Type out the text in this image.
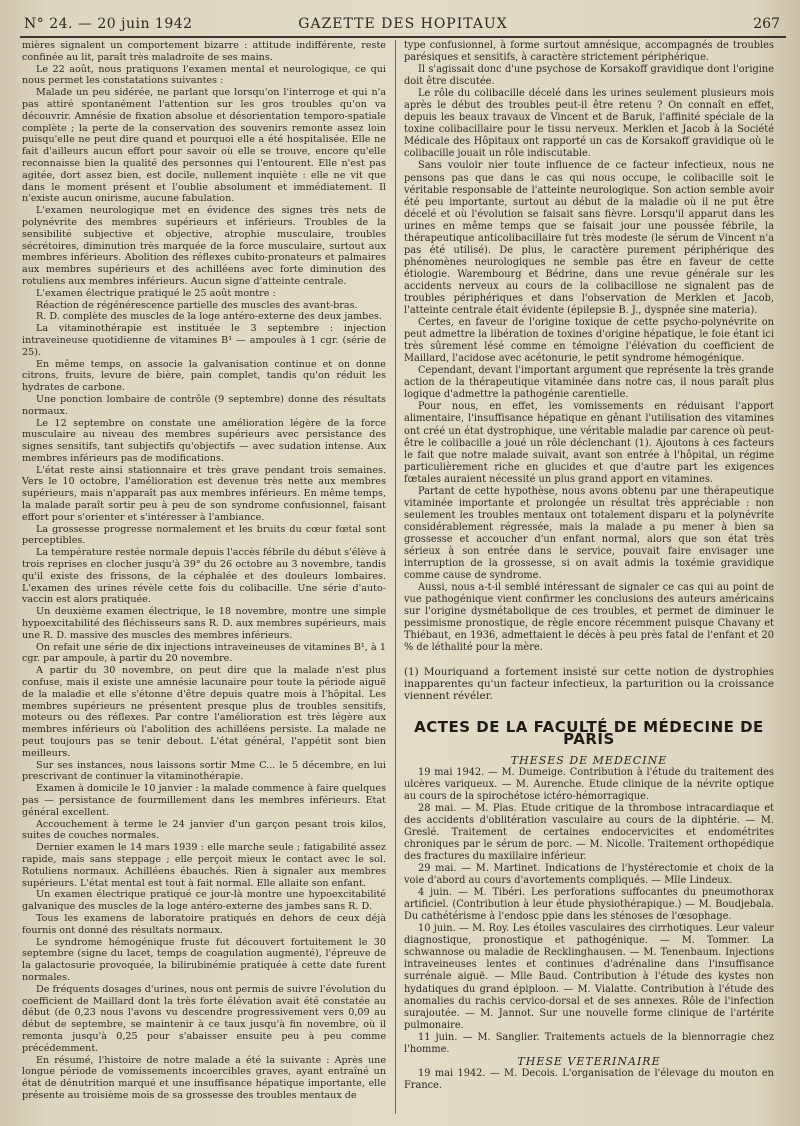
N° 24. — 20 juin 1942	GAZETTE DES HOPITAUX	267

mières signalent un comportement bizarre : attitude indifférente, reste confinée au lit, paraît très maladroite de ses mains.

Le 22 août, nous pratiquons l'examen mental et neurologique, ce qui nous permet les constatations suivantes :

Malade un peu sidérée, ne parlant que lorsqu'on l'interroge et qui n'a pas attiré spontanément l'attention sur les gros troubles qu'on va découvrir. Amnésie de fixation absolue et désorientation temporo-spatiale complète ; la perte de la conservation des souvenirs remonte assez loin puisqu'elle ne peut dire quand et pourquoi elle a été hospitalisée. Elle ne fait d'ailleurs aucun effort pour savoir où elle se trouve, encore qu'elle reconnaisse bien la qualité des personnes qui l'entourent. Elle n'est pas agitée, dort assez bien, est docile, nullement inquiète : elle ne vit que dans le moment présent et l'oublie absolument et immédiatement. Il n'existe aucun onirisme, aucune fabulation.

L'examen neurologique met en évidence des signes très nets de polynévrite des membres supérieurs et inférieurs. Troubles de la sensibilité subjective et objective, atrophie musculaire, troubles sécrétoires, diminution très marquée de la force musculaire, surtout aux membres inférieurs. Abolition des réflexes cubito-pronateurs et palmaires aux membres supérieurs et des achilléens avec forte diminution des rotuliens aux membres inférieurs. Aucun signe d'atteinte centrale.

L'examen électrique pratiqué le 25 août montre :

Réaction de régénérescence partielle des muscles des avant-bras.

R. D. complète des muscles de la loge antéro-externe des deux jambes.

La vitaminothérapie est instituée le 3 septembre : injection intraveineuse quotidienne de vitamines B¹ — ampoules à 1 cgr. (série de 25).

En même temps, on associe la galvanisation continue et on donne citrons, fruits, levure de bière, pain complet, tandis qu'on réduit les hydrates de carbone.

Une ponction lombaire de contrôle (9 septembre) donne des résultats normaux.

Le 12 septembre on constate une amélioration légère de la force musculaire au niveau des membres supérieurs avec persistance des signes sensitifs, tant subjectifs qu'objectifs — avec sudation intense. Aux membres inférieurs pas de modifications.

L'état reste ainsi stationnaire et très grave pendant trois semaines. Vers le 10 octobre, l'amélioration est devenue très nette aux membres supérieurs, mais n'apparaît pas aux membres inférieurs. En même temps, la malade paraît sortir peu à peu de son syndrome confusionnel, faisant effort pour s'orienter et s'intéresser à l'ambiance.

La grossesse progresse normalement et les bruits du cœur fœtal sont perceptibles.

La température restée normale depuis l'accès fébrile du début s'élève à trois reprises en clocher jusqu'à 39° du 26 octobre au 3 novembre, tandis qu'il existe des frissons, de la céphalée et des douleurs lombaires. L'examen des urines révèle cette fois du colibacille. Une série d'auto-vaccin est alors pratiquée.

Un deuxième examen électrique, le 18 novembre, montre une simple hypoexcitabilité des fléchisseurs sans R. D. aux membres supérieurs, mais une R. D. massive des muscles des membres inférieurs.

On refait une série de dix injections intraveineuses de vitamines B¹, à 1 cgr. par ampoule, à partir du 20 novembre.

A partir du 30 novembre, on peut dire que la malade n'est plus confuse, mais il existe une amnésie lacunaire pour toute la période aiguë de la maladie et elle s'étonne d'être depuis quatre mois à l'hôpital. Les membres supérieurs ne présentent presque plus de troubles sensitifs, moteurs ou des réflexes. Par contre l'amélioration est très légère aux membres inférieurs où l'abolition des achilléens persiste. La malade ne peut toujours pas se tenir debout. L'état général, l'appétit sont bien meilleurs.

Sur ses instances, nous laissons sortir Mme C... le 5 décembre, en lui prescrivant de continuer la vitaminothérapie.

Examen à domicile le 10 janvier : la malade commence à faire quelques pas — persistance de fourmillement dans les membres inférieurs. Etat général excellent.

Accouchement à terme le 24 janvier d'un garçon pesant trois kilos, suites de couches normales.

Dernier examen le 14 mars 1939 : elle marche seule ; fatigabilité assez rapide, mais sans steppage ; elle perçoit mieux le contact avec le sol. Rotuliens normaux. Achilléens ébauchés. Rien à signaler aux membres supérieurs. L'état mental est tout à fait normal. Elle allaite son enfant.

Un examen électrique pratiqué ce jour-là montre une hypoexcitabilité galvanique des muscles de la loge antéro-externe des jambes sans R. D.

Tous les examens de laboratoire pratiqués en dehors de ceux déjà fournis ont donné des résultats normaux.

Le syndrome hémogénique fruste fut découvert fortuitement le 30 septembre (signe du lacet, temps de coagulation augmenté), l'épreuve de la galactosurie provoquée, la bilirubinémie pratiquée à cette date furent normales.

De fréquents dosages d'urines, nous ont permis de suivre l'évolution du coefficient de Maillard dont la très forte élévation avait été constatée au début (de 0,23 nous l'avons vu descendre progressivement vers 0,09 au début de septembre, se maintenir à ce taux jusqu'à fin novembre, où il remonta jusqu'à 0,25 pour s'abaisser ensuite peu à peu comme précédemment.

En résumé, l'histoire de notre malade a été la suivante : Après une longue période de vomissements incoercibles graves, ayant entraîné un état de dénutrition marqué et une insuffisance hépatique importante, elle présente au troisième mois de sa grossesse des troubles mentaux de

type confusionnel, à forme surtout amnésique, accompagnés de troubles parésiques et sensitifs, à caractère strictement périphérique.

Il s'agissait donc d'une psychose de Korsakoff gravidique dont l'origine doit être discutée.

Le rôle du colibacille décelé dans les urines seulement plusieurs mois après le début des troubles peut-il être retenu ? On connaît en effet, depuis les beaux travaux de Vincent et de Baruk, l'affinité spéciale de la toxine colibacillaire pour le tissu nerveux. Merklen et Jacob à la Société Médicale des Hôpitaux ont rapporté un cas de Korsakoff gravidique où le colibacille jouait un rôle indiscutable.

Sans vouloir nier toute influence de ce facteur infectieux, nous ne pensons pas que dans le cas qui nous occupe, le colibacille soit le véritable responsable de l'atteinte neurologique. Son action semble avoir été peu importante, surtout au début de la maladie où il ne put être décelé et où l'évolution se faisait sans fièvre. Lorsqu'il apparut dans les urines en même temps que se faisait jour une poussée fébrile, la thérapeutique anticolibacillaire fut très modeste (le sérum de Vincent n'a pas été utilisé). De plus, le caractère purement périphérique des phénomènes neurologiques ne semble pas être en faveur de cette étiologie. Warembourg et Bédrine, dans une revue générale sur les accidents nerveux au cours de la colibacillose ne signalent pas de troubles périphériques et dans l'observation de Merklen et Jacob, l'atteinte centrale était évidente (épilepsie B. J., dyspnée sine materia).

Certes, en faveur de l'origine toxique de cette psycho-polynévrite on peut admettre la libération de toxines d'origine hépatique, le foie étant ici très sûrement lésé comme en témoigne l'élévation du coefficient de Maillard, l'acidose avec acétonurie, le petit syndrome hémogénique.

Cependant, devant l'important argument que représente la très grande action de la thérapeutique vitaminée dans notre cas, il nous paraît plus logique d'admettre la pathogénie carentielle.

Pour nous, en effet, les vomissements en réduisant l'apport alimentaire, l'insuffisance hépatique en gênant l'utilisation des vitamines ont créé un état dystrophique, une véritable maladie par carence où peut-être le colibacille a joué un rôle déclenchant (1). Ajoutons à ces facteurs le fait que notre malade suivait, avant son entrée à l'hôpital, un régime particulièrement riche en glucides et que d'autre part les exigences fœtales auraient nécessité un plus grand apport en vitamines.

Partant de cette hypothèse, nous avons obtenu par une thérapeutique vitaminée importante et prolongée un résultat très appréciable : non seulement les troubles mentaux ont totalement disparu et la polynévrite considérablement régressée, mais la malade a pu mener à bien sa grossesse et accoucher d'un enfant normal, alors que son état très sérieux à son entrée dans le service, pouvait faire envisager une interruption de la grossesse, si on avait admis la toxémie gravidique comme cause de syndrome.

Aussi, nous a-t-il semblé intéressant de signaler ce cas qui au point de vue pathogénique vient confirmer les conclusions des auteurs américains sur l'origine dysmétabolique de ces troubles, et permet de diminuer le pessimisme pronostique, de règle encore récemment puisque Chavany et Thiébaut, en 1936, admettaient le décès à peu près fatal de l'enfant et 20 % de léthalité pour la mère.

(1) Mouriquand a fortement insisté sur cette notion de dystrophies inapparentes qu'un facteur infectieux, la parturition ou la croissance viennent révéler.

ACTES DE LA FACULTÉ DE MÉDECINE DE PARIS

THESES DE MEDECINE

19 mai 1942. — M. Dumeige. Contribution à l'étude du traitement des ulcères variqueux. — M. Aurenche. Etude clinique de la névrite optique au cours de la spirochétose ictéro-hémorragique.

28 mai. — M. Plas. Etude critique de la thrombose intracardiaque et des accidents d'oblitération vasculaire au cours de la diphtérie. — M. Greslé. Traitement de certaines endocervicites et endométrites chroniques par le sérum de porc. — M. Nicolle. Traitement orthopédique des fractures du maxillaire inférieur.

29 mai. — M. Martinet. Indications de l'hystérectomie et choix de la voie d'abord au cours d'avortements compliqués. — Mlle Lindeux.

4 juin. — M. Tibéri. Les perforations suffocantes du pneumothorax artificiel. (Contribution à leur étude physiothérapique.) — M. Boudjebala. Du cathétérisme à l'endosc ppie dans les sténoses de l'œsophage.

10 juin. — M. Roy. Les étoiles vasculaires des cirrhotiques. Leur valeur diagnostique, pronostique et pathogénique. — M. Tommer. La schwannose ou maladie de Recklinghausen. — M. Tenenbaum. Injections intraveineuses lentes et continues d'adrénaline dans l'insuffisance surrénale aiguë. — Mlle Baud. Contribution à l'étude des kystes non hydatiques du grand épiploon. — M. Vialatte. Contribution à l'étude des anomalies du rachis cervico-dorsal et de ses annexes. Rôle de l'infection surajoutée. — M. Jannot. Sur une nouvelle forme clinique de l'artérite pulmonaire.

11 juin. — M. Sanglier. Traitements actuels de la blennorragie chez l'homme.

THESE VETERINAIRE

19 mai 1942. — M. Decois. L'organisation de l'élevage du mouton en France.
